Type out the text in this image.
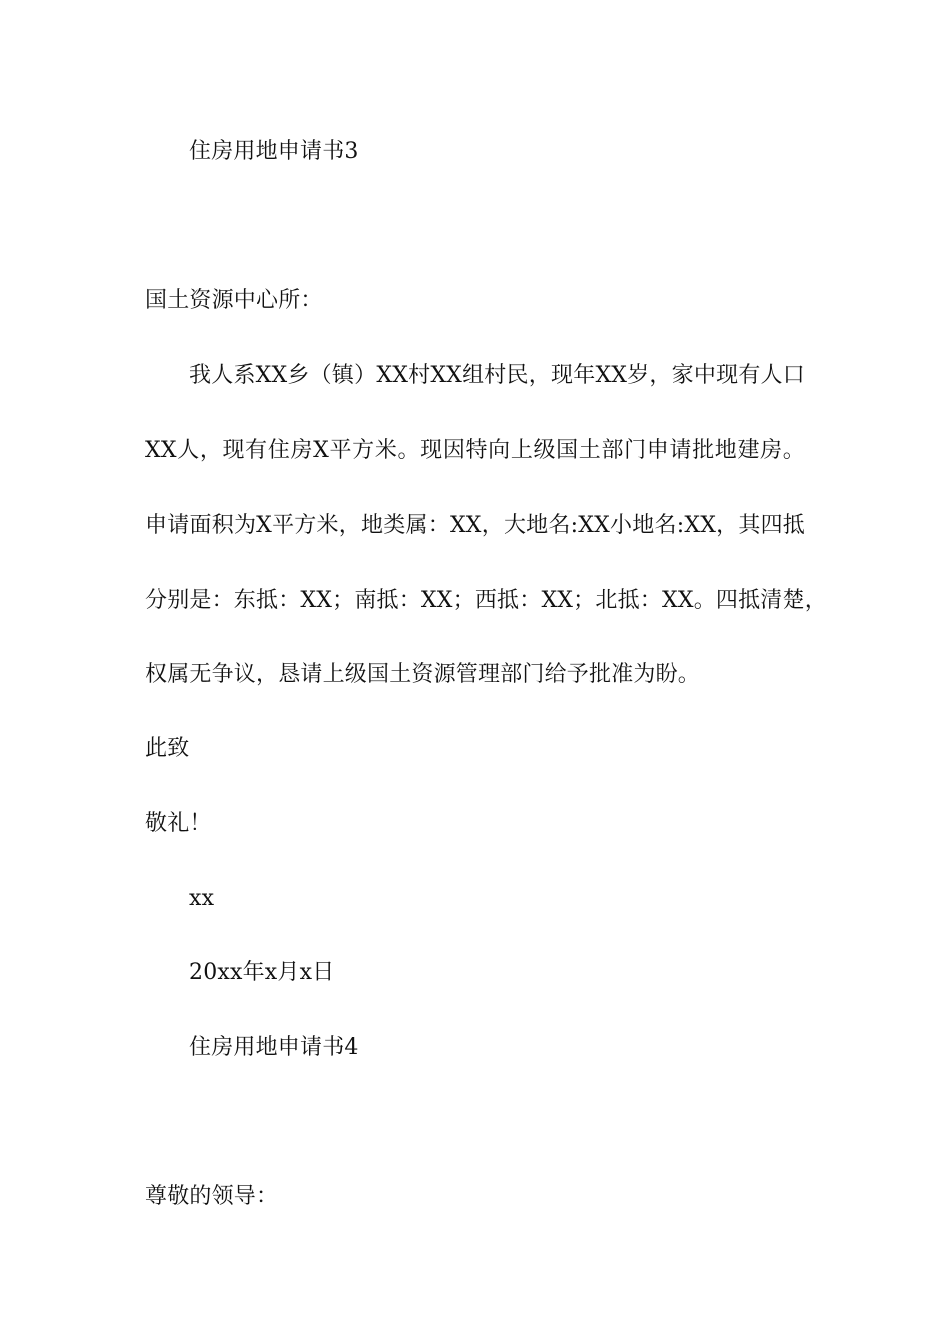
住房用地申请书3
国土资源中心所：
我人系XX乡（镇）XX村XX组村民，现年XX岁，家中现有人口
XX人，现有住房X平方米。现因特向上级国土部门申请批地建房。
申请面积为X平方米，地类属：XX，大地名:XX小地名:XX，其四抵
分别是：东抵：XX；南抵：XX；西抵：XX；北抵：XX。四抵清楚，
权属无争议，恳请上级国土资源管理部门给予批准为盼。
此致
敬礼！
xx
20xx年x月x日
住房用地申请书4
尊敬的领导：
